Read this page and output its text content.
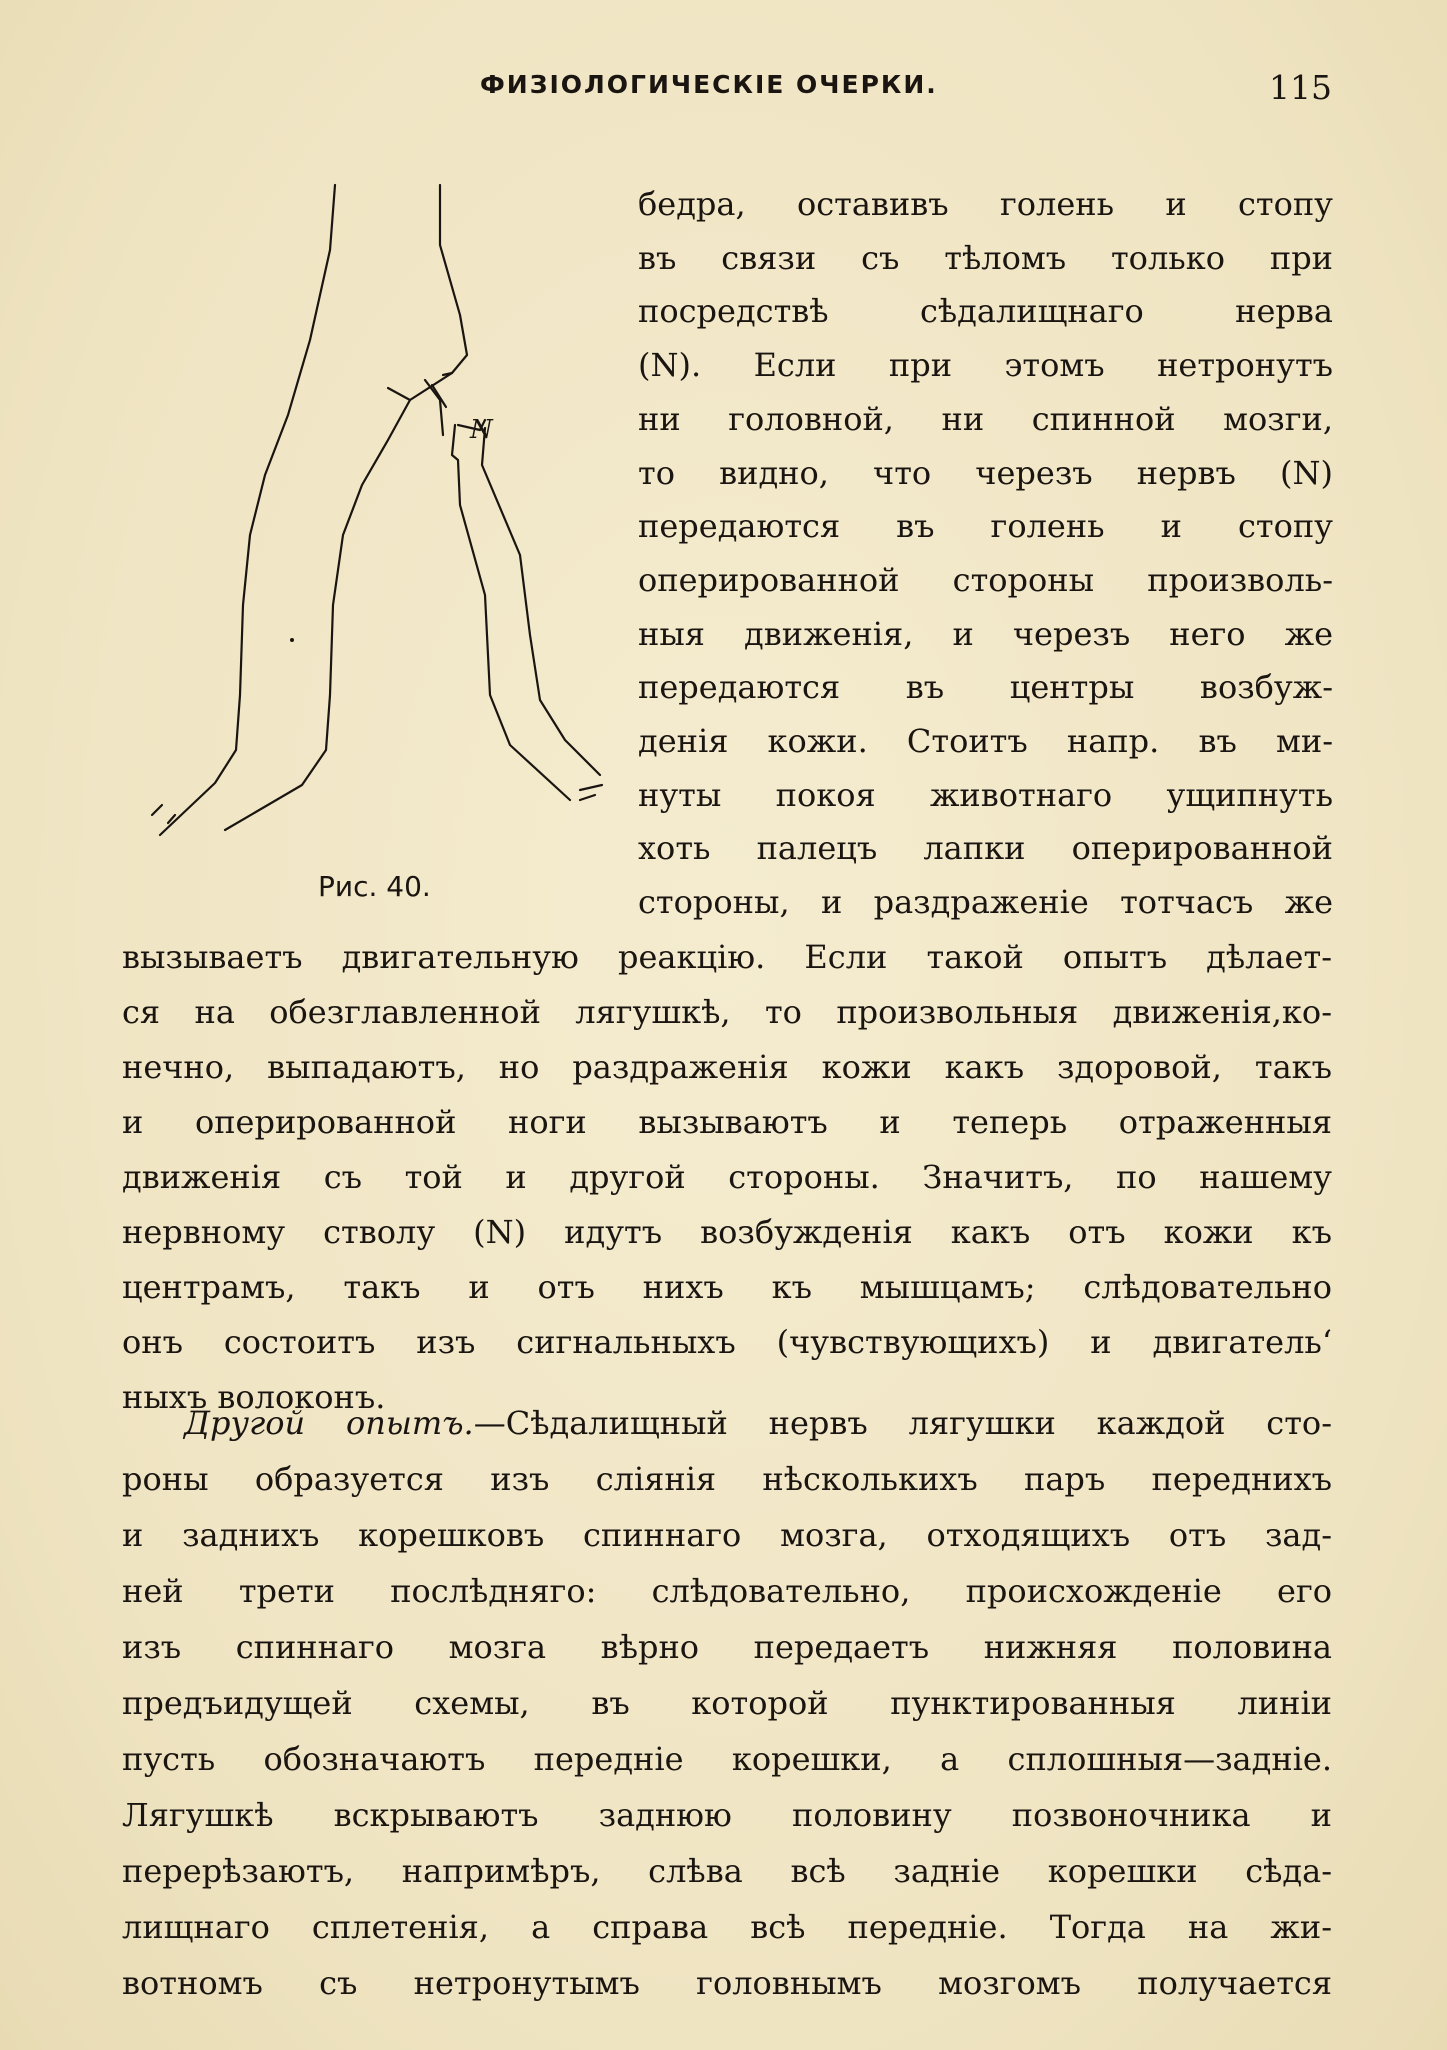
ФИЗIОЛОГИЧЕСКIЕ ОЧЕРКИ.	115
N
Рис. 40.
бедра, оставивъ голень и стопу
въ связи съ тѣломъ только при
посредствѣ сѣдалищнаго нерва
(N). Если при этомъ нетронутъ
ни головной, ни спинной мозги,
то видно, что черезъ нервъ (N)
передаются въ голень и стопу
оперированной стороны произволь-
ныя движенiя, и черезъ него же
передаются въ центры возбуж-
денiя кожи. Стоитъ напр. въ ми-
нуты покоя животнаго ущипнуть
хоть палецъ лапки оперированной
стороны, и раздраженiе тотчасъ же
вызываетъ двигательную реакцiю. Если такой опытъ дѣлает-
ся на обезглавленной лягушкѣ, то произвольныя движенiя,ко-
нечно, выпадаютъ, но раздраженiя кожи какъ здоровой, такъ
и оперированной ноги вызываютъ и теперь отраженныя
движенiя съ той и другой стороны. Значитъ, по нашему
нервному стволу (N) идутъ возбужденiя какъ отъ кожи къ
центрамъ, такъ и отъ нихъ къ мышцамъ; слѣдовательно
онъ состоитъ изъ сигнальныхъ (чувствующихъ) и двигатель‘
ныхъ волоконъ.
Другой опытъ.—Сѣдалищный нервъ лягушки каждой сто-
роны образуется изъ слiянiя нѣсколькихъ паръ переднихъ
и заднихъ корешковъ спиннаго мозга, отходящихъ отъ зад-
ней трети послѣдняго: слѣдовательно, происхожденiе его
изъ спиннаго мозга вѣрно передаетъ нижняя половина
предъидущей схемы, въ которой пунктированныя линiи
пусть обозначаютъ переднiе корешки, а сплошныя—заднiе.
Лягушкѣ вскрываютъ заднюю половину позвоночника и
перерѣзаютъ, напримѣръ, слѣва всѣ заднiе корешки сѣда-
лищнаго сплетенiя, а справа всѣ переднiе. Тогда на жи-
вотномъ съ нетронутымъ головнымъ мозгомъ получается
